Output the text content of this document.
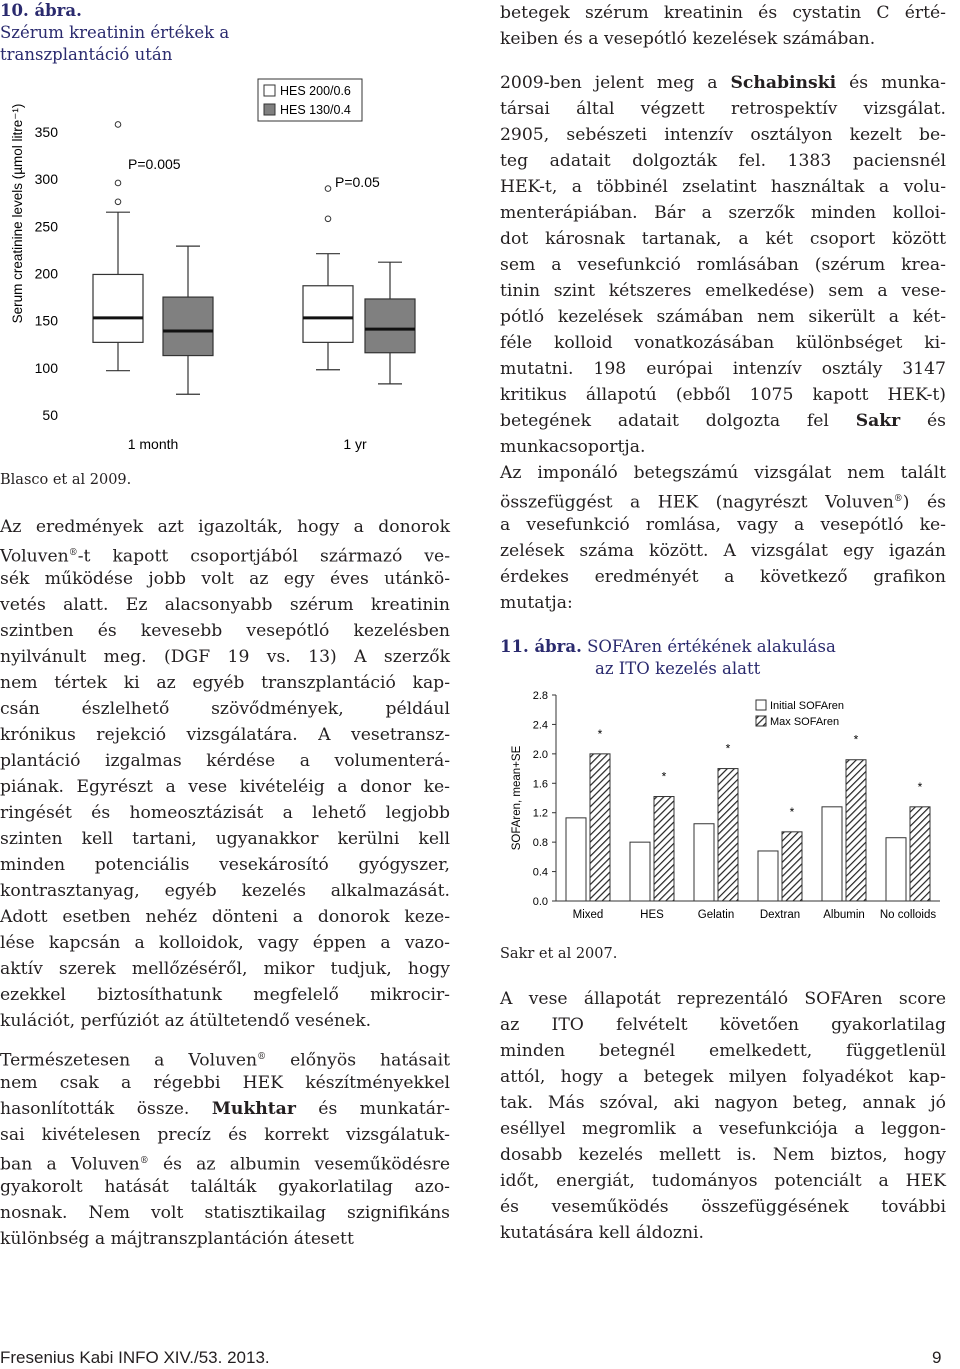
10. ábra.
Szérum kreatinin értékek a
transzplantáció után
Serum creatinine levels (µmol litre⁻¹)
50
100
150
200
250
300
350
P=0.005
P=0.05
HES 200/0.6
HES 130/0.4
1 month	1 yr
Blasco et al 2009.
Az eredmények azt igazolták, hogy a donorok
Voluven®-t kapott csoportjából származó ve-
sék működése jobb volt az egy éves utánkö-
vetés alatt. Ez alacsonyabb szérum kreatinin
szintben és kevesebb vesepótló kezelésben
nyilvánult meg. (DGF 19 vs. 13) A szerzők
nem tértek ki az egyéb transzplantáció kap-
csán észlelhető szövődmények, például
krónikus rejekció vizsgálatára. A vesetransz-
plantáció izgalmas kérdése a volumenterá-
piának. Egyrészt a vese kivételéig a donor ke-
ringését és homeosztázisát a lehető legjobb
szinten kell tartani, ugyanakkor kerülni kell
minden potenciális vesekárosító gyógyszer,
kontrasztanyag, egyéb kezelés alkalmazását.
Adott esetben nehéz dönteni a donorok keze-
lése kapcsán a kolloidok, vagy éppen a vazo-
aktív szerek mellőzéséről, mikor tudjuk, hogy
ezekkel biztosíthatunk megfelelő mikrocir-
kulációt, perfúziót az átültetendő vesének.
Természetesen a Voluven® előnyös hatásait
nem csak a régebbi HEK készítményekkel
hasonlították össze. Mukhtar és munkatár-
sai kivételesen precíz és korrekt vizsgálatuk-
ban a Voluven® és az albumin veseműködésre
gyakorolt hatását találták gyakorlatilag azo-
nosnak. Nem volt statisztikailag szignifikáns
különbség a májtranszplantáción átesett
betegek szérum kreatinin és cystatin C érté-
keiben és a vesepótló kezelések számában.
2009-ben jelent meg a Schabinski és munka-
társai által végzett retrospektív vizsgálat.
2905, sebészeti intenzív osztályon kezelt be-
teg adatait dolgozták fel. 1383 paciensnél
HEK-t, a többinél zselatint használtak a volu-
menterápiában. Bár a szerzők minden kolloi-
dot károsnak tartanak, a két csoport között
sem a vesefunkció romlásában (szérum krea-
tinin szint kétszeres emelkedése) sem a vese-
pótló kezelések számában nem sikerült a két-
féle kolloid vonatkozásában különbséget ki-
mutatni. 198 európai intenzív osztály 3147
kritikus állapotú (ebből 1075 kapott HEK-t)
betegének adatait dolgozta fel Sakr és
munkacsoportja.
Az imponáló betegszámú vizsgálat nem talált
összefüggést a HEK (nagyrészt Voluven®) és
a vesefunkció romlása, vagy a vesepótló ke-
zelések száma között. A vizsgálat egy igazán
érdekes eredményét a következő grafikon
mutatja:
11. ábra. SOFAren értékének alakulása
az ITO kezelés alatt
0.0
0.4
0.8
1.2
1.6
2.0
2.4
2.8
SOFAren, mean+SE
*
Mixed
*
HES
*
Gelatin
*
Dextran
*
Albumin
*
No colloids
Initial SOFAren
Max SOFAren
Sakr et al 2007.
A vese állapotát reprezentáló SOFAren score
az ITO felvételt követően gyakorlatilag
minden betegnél emelkedett, függetlenül
attól, hogy a betegek milyen folyadékot kap-
tak. Más szóval, aki nagyon beteg, annak jó
eséllyel megromlik a vesefunkciója a leggon-
dosabb kezelés mellett is. Nem biztos, hogy
időt, energiát, tudományos potenciált a HEK
és veseműködés összefüggésének további
kutatására kell áldozni.
Fresenius Kabi INFO XIV./53. 2013.	9
